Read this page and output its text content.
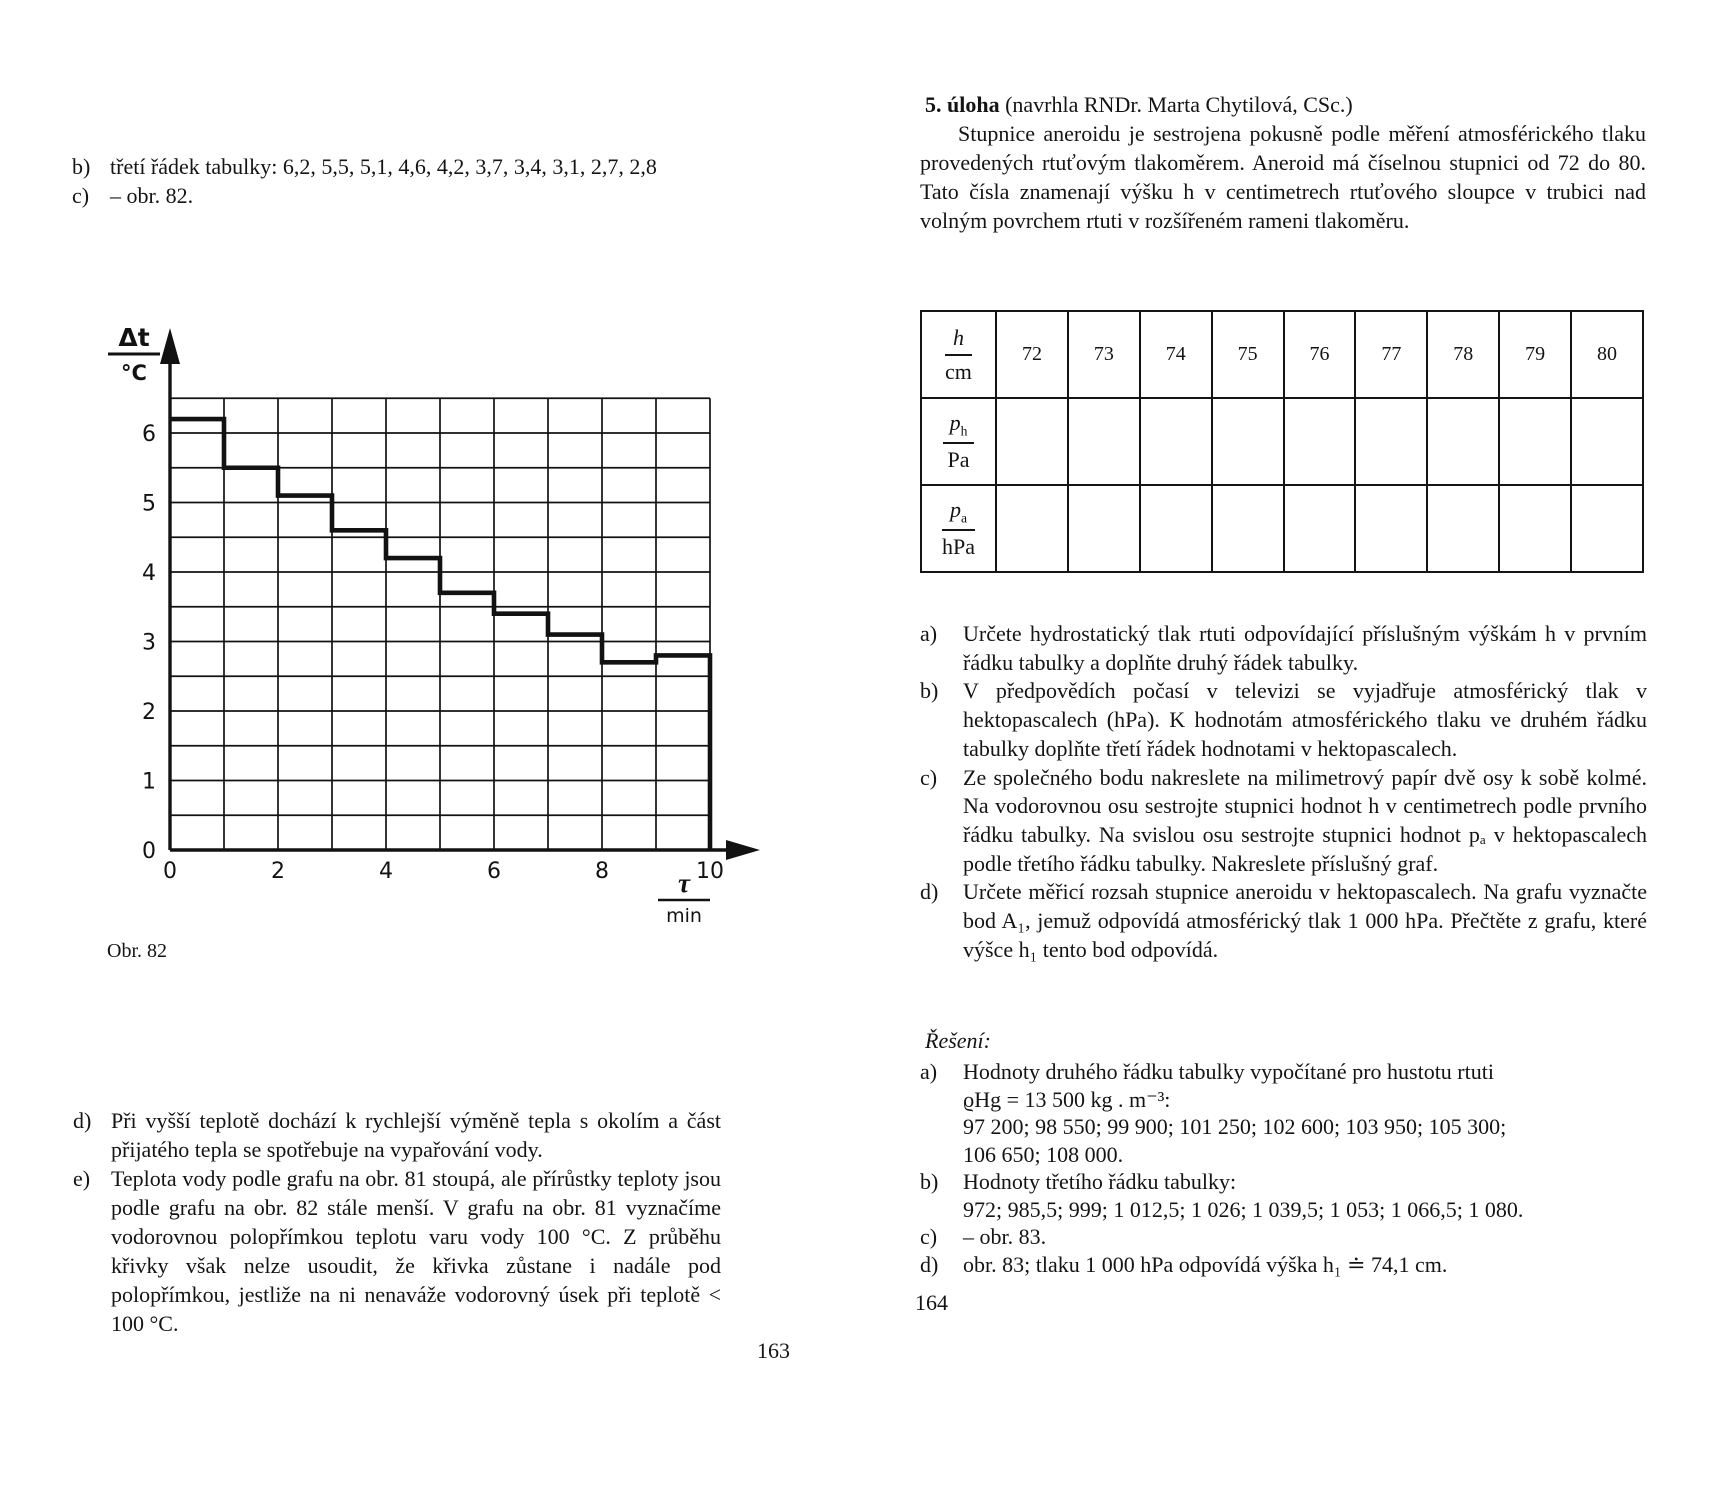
b) třetí řádek tabulky: 6,2, 5,5, 5,1, 4,6, 4,2, 3,7, 3,4, 3,1, 2,7, 2,8
c) – obr. 82.
0
1
2
3
4
5
6
0	2	4	6	8	10
Δt
°C
τ
min
Obr. 82
d) Při vyšší teplotě dochází k rychlejší výměně tepla s okolím a část přijatého tepla se spotřebuje na vypařování vody.
e) Teplota vody podle grafu na obr. 81 stoupá, ale přírůstky teploty jsou podle grafu na obr. 82 stále menší. V grafu na obr. 81 vyznačíme vodorovnou polopřímkou teplotu varu vody 100 °C. Z průběhu křivky však nelze usoudit, že křivka zůstane i nadále pod polopřímkou, jestliže na ni nenaváže vodorovný úsek při teplotě < 100 °C.
163
5. úloha (navrhla RNDr. Marta Chytilová, CSc.)

Stupnice aneroidu je sestrojena pokusně podle měření atmosférického tlaku provedených rtuťovým tlakoměrem. Aneroid má číselnou stupnici od 72 do 80. Tato čísla znamenají výšku h v centimetrech rtuťového sloupce v trubici nad volným povrchem rtuti v rozšířeném rameni tlakoměru.

$\frac{h}{cm}$	72	73	74	75	76	77	78	79	80

$\frac{p_h}{Pa}$

$\frac{p_a}{\text{hPa}}$

a) Určete hydrostatický tlak rtuti odpovídající příslušným výškám h v prvním řádku tabulky a doplňte druhý řádek tabulky.
b) V předpovědích počasí v televizi se vyjadřuje atmosférický tlak v hektopascalech (hPa). K hodnotám atmosférického tlaku ve druhém řádku tabulky doplňte třetí řádek hodnotami v hektopascalech.
c) Ze společného bodu nakreslete na milimetrový papír dvě osy k sobě kolmé. Na vodorovnou osu sestrojte stupnici hodnot h v centimetrech podle prvního řádku tabulky. Na svislou osu sestrojte stupnici hodnot pₐ v hektopascalech podle třetího řádku tabulky. Nakreslete příslušný graf.
d) Určete měřicí rozsah stupnice aneroidu v hektopascalech. Na grafu vyznačte bod A₁, jemuž odpovídá atmosférický tlak 1 000 hPa. Přečtěte z grafu, které výšce h₁ tento bod odpovídá.
Řešení:
a) Hodnoty druhého řádku tabulky vypočítané pro hustotu rtuti
ϱHg = 13 500 kg . m⁻³:
97 200; 98 550; 99 900; 101 250; 102 600; 103 950; 105 300;
106 650; 108 000.
b) Hodnoty třetího řádku tabulky:
972; 985,5; 999; 1 012,5; 1 026; 1 039,5; 1 053; 1 066,5; 1 080.
c) – obr. 83.
d) obr. 83; tlaku 1 000 hPa odpovídá výška h₁ ≐ 74,1 cm.
164
